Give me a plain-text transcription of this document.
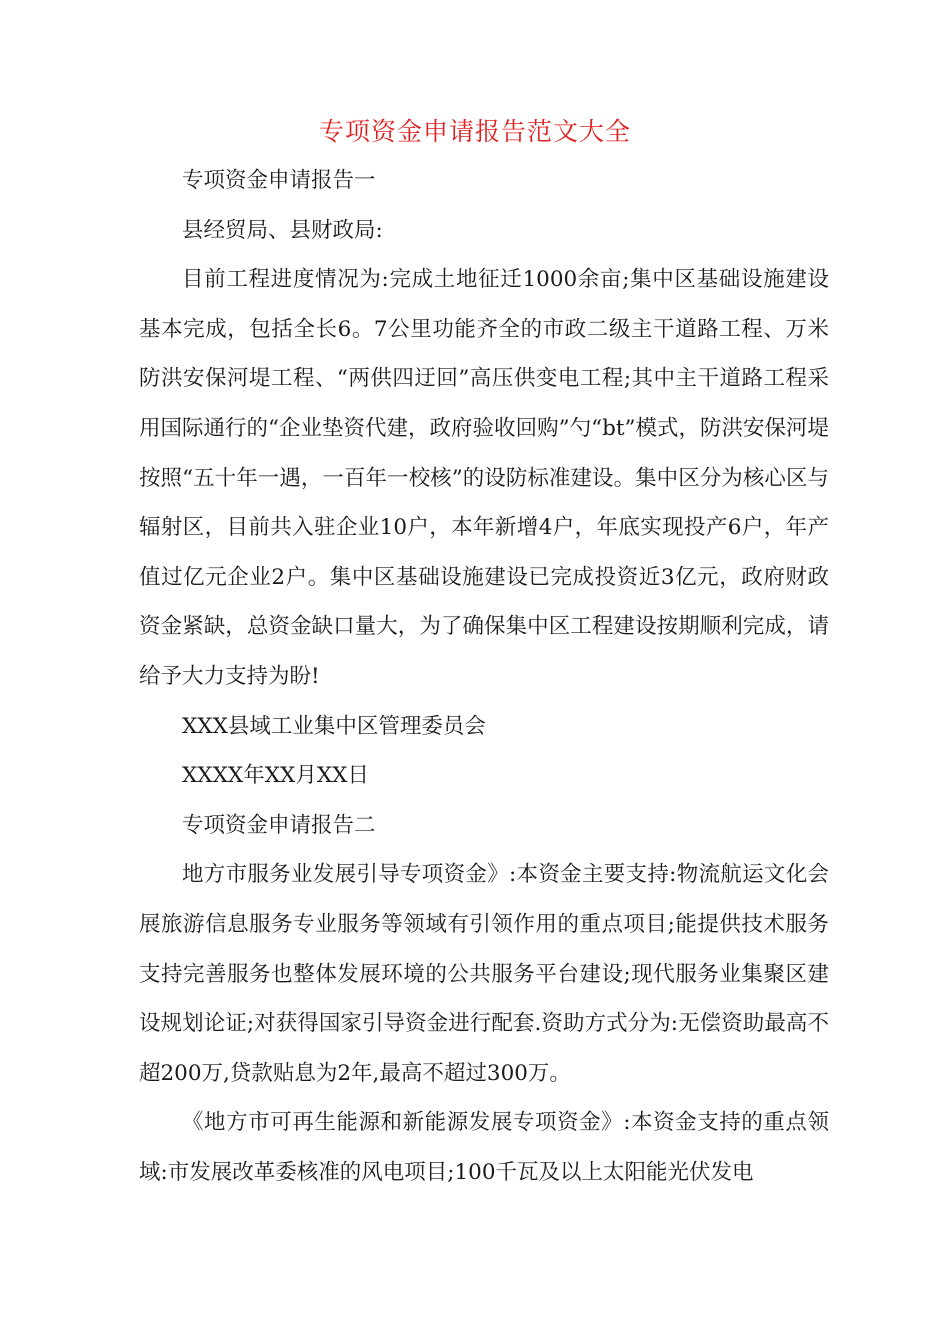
专项资金申请报告范文大全

专项资金申请报告一

县经贸局、县财政局:

目前工程进度情况为:完成土地征迁1000余亩;集中区基础设施建设基本完成，包括全长6。7公里功能齐全的市政二级主干道路工程、万米防洪安保河堤工程、“两供四迂回”高压供变电工程;其中主干道路工程采用国际通行的“企业垫资代建，政府验收回购”勺“bt”模式，防洪安保河堤按照“五十年一遇，一百年一校核”的设防标准建设。集中区分为核心区与辐射区，目前共入驻企业10户，本年新增4户，年底实现投产6户，年产值过亿元企业2户。集中区基础设施建设已完成投资近3亿元，政府财政资金紧缺，总资金缺口量大，为了确保集中区工程建设按期顺利完成，请给予大力支持为盼!

XXX县域工业集中区管理委员会

XXXX年XX月XX日

专项资金申请报告二

地方市服务业发展引导专项资金》:本资金主要支持:物流航运文化会展旅游信息服务专业服务等领域有引领作用的重点项目;能提供技术服务支持完善服务也整体发展环境的公共服务平台建设;现代服务业集聚区建设规划论证;对获得国家引导资金进行配套.资助方式分为:无偿资助最高不超200万,贷款贴息为2年,最高不超过300万。

《地方市可再生能源和新能源发展专项资金》:本资金支持的重点领域:市发展改革委核准的风电项目;100千瓦及以上太阳能光伏发电
